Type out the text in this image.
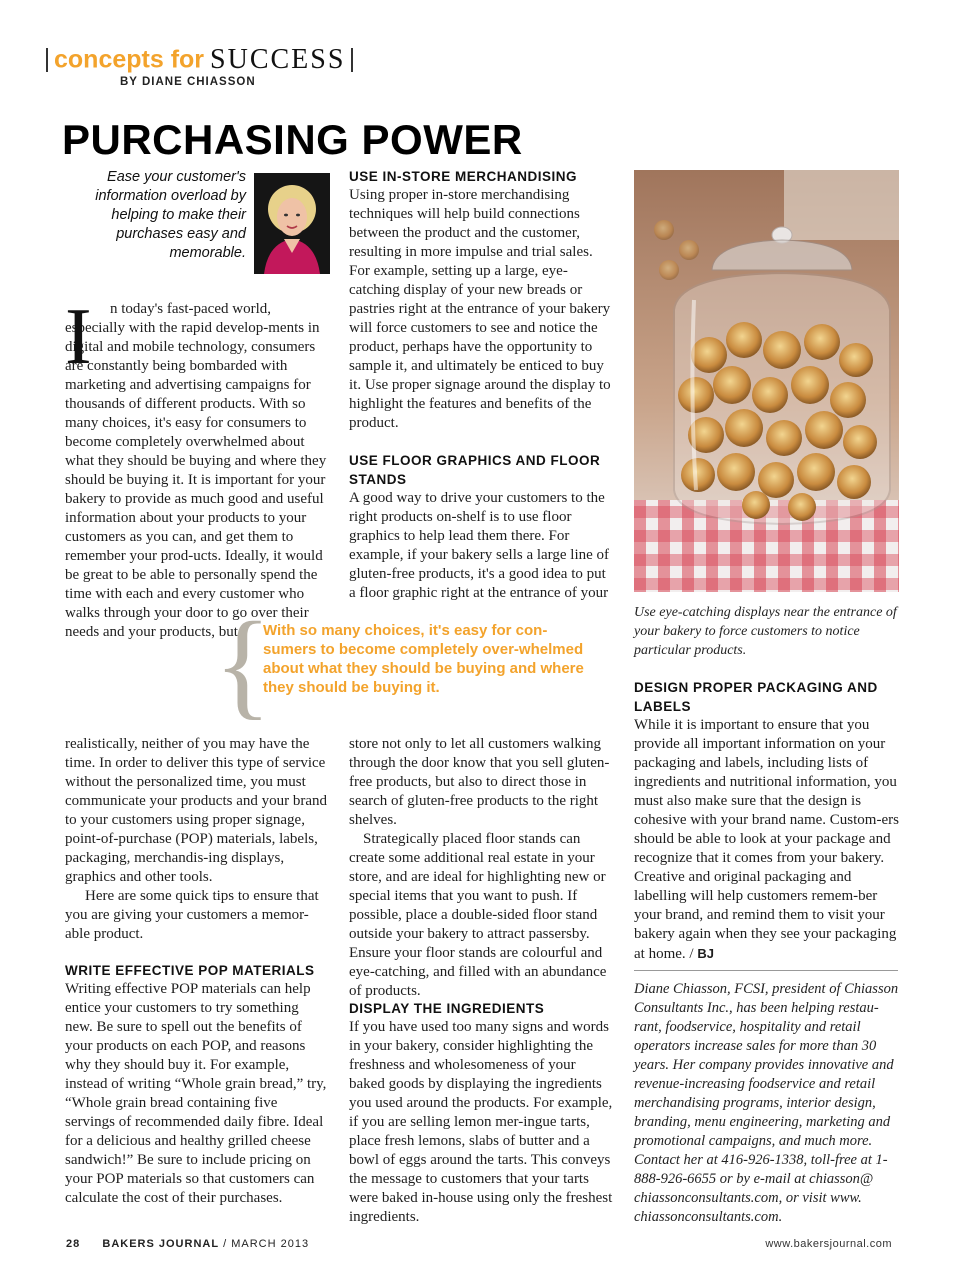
concepts for SUCCESS
BY DIANE CHIASSON
PURCHASING POWER
Ease your customer's information overload by helping to make their purchases easy and memorable.
I	n today's fast-paced world, especially with the rapid develop-ments in digital and mobile technology, consumers are constantly being bombarded with marketing and advertising campaigns for thousands of different products. With so many choices, it's easy for consumers to become completely overwhelmed about what they should be buying and where they should be buying it. It is important for your bakery to provide as much good and useful information about your products to your customers as you can, and get them to remember your prod-ucts. Ideally, it would be great to be able to personally spend the time with each and every customer who walks through your door to go over their needs and your products, but	With so many choices, it's easy for con-sumers to become completely over-whelmed about what they should be buying and where they should be buying it.
{

realistically, neither of you may have the time. In order to deliver this type of service without the personalized time, you must communicate your products and your brand to your customers using proper signage, point-of-purchase (POP) materials, labels, packaging, merchandis-ing displays, graphics and other tools.

Here are some quick tips to ensure that you are giving your customers a memor-able product.

WRITE EFFECTIVE POP MATERIALS

Writing effective POP materials can help entice your customers to try something new. Be sure to spell out the benefits of your products on each POP, and reasons why they should buy it. For example, instead of writing “Whole grain bread,” try, “Whole grain bread containing five servings of recommended daily fibre. Ideal for a delicious and healthy grilled cheese sandwich!” Be sure to include pricing on your POP materials so that customers can calculate the cost of their purchases.

USE IN-STORE MERCHANDISING

Using proper in-store merchandising techniques will help build connections between the product and the customer, resulting in more impulse and trial sales. For example, setting up a large, eye-catching display of your new breads or pastries right at the entrance of your bakery will force customers to see and notice the product, perhaps have the opportunity to sample it, and ultimately be enticed to buy it. Use proper signage around the display to highlight the features and benefits of the product.

USE FLOOR GRAPHICS AND FLOOR STANDS

A good way to drive your customers to the right products on-shelf is to use floor graphics to help lead them there. For example, if your bakery sells a large line of gluten-free products, it's a good idea to put a floor graphic right at the entrance of your

store not only to let all customers walking through the door know that you sell gluten-free products, but also to direct those in search of gluten-free products to the right shelves.

Strategically placed floor stands can create some additional real estate in your store, and are ideal for highlighting new or special items that you want to push. If possible, place a double-sided floor stand outside your bakery to attract passersby. Ensure your floor stands are colourful and eye-catching, and filled with an abundance of products.

DISPLAY THE INGREDIENTS

If you have used too many signs and words in your bakery, consider highlighting the freshness and wholesomeness of your baked goods by displaying the ingredients you used around the products. For example, if you are selling lemon mer-ingue tarts, place fresh lemons, slabs of butter and a bowl of eggs around the tarts. This conveys the message to customers that your tarts were baked in-house using only the freshest ingredients.

Use eye-catching displays near the entrance of your bakery to force customers to notice particular products.

DESIGN PROPER PACKAGING AND LABELS

While it is important to ensure that you provide all important information on your packaging and labels, including lists of ingredients and nutritional information, you must also make sure that the design is cohesive with your brand name. Custom-ers should be able to look at your package and recognize that it comes from your bakery. Creative and original packaging and labelling will help customers remem-ber your brand, and remind them to visit your bakery again when they see your packaging at home. / BJ

Diane Chiasson, FCSI, president of Chiasson Consultants Inc., has been helping restau-rant, foodservice, hospitality and retail operators increase sales for more than 30 years. Her company provides innovative and revenue-increasing foodservice and retail merchandising programs, interior design, branding, menu engineering, marketing and promotional campaigns, and much more. Contact her at 416-926-1338, toll-free at 1-888-926-6655 or by e-mail at chiasson@ chiassonconsultants.com, or visit www. chiassonconsultants.com.
28 BAKERS JOURNAL / MARCH 2013	www.bakersjournal.com
